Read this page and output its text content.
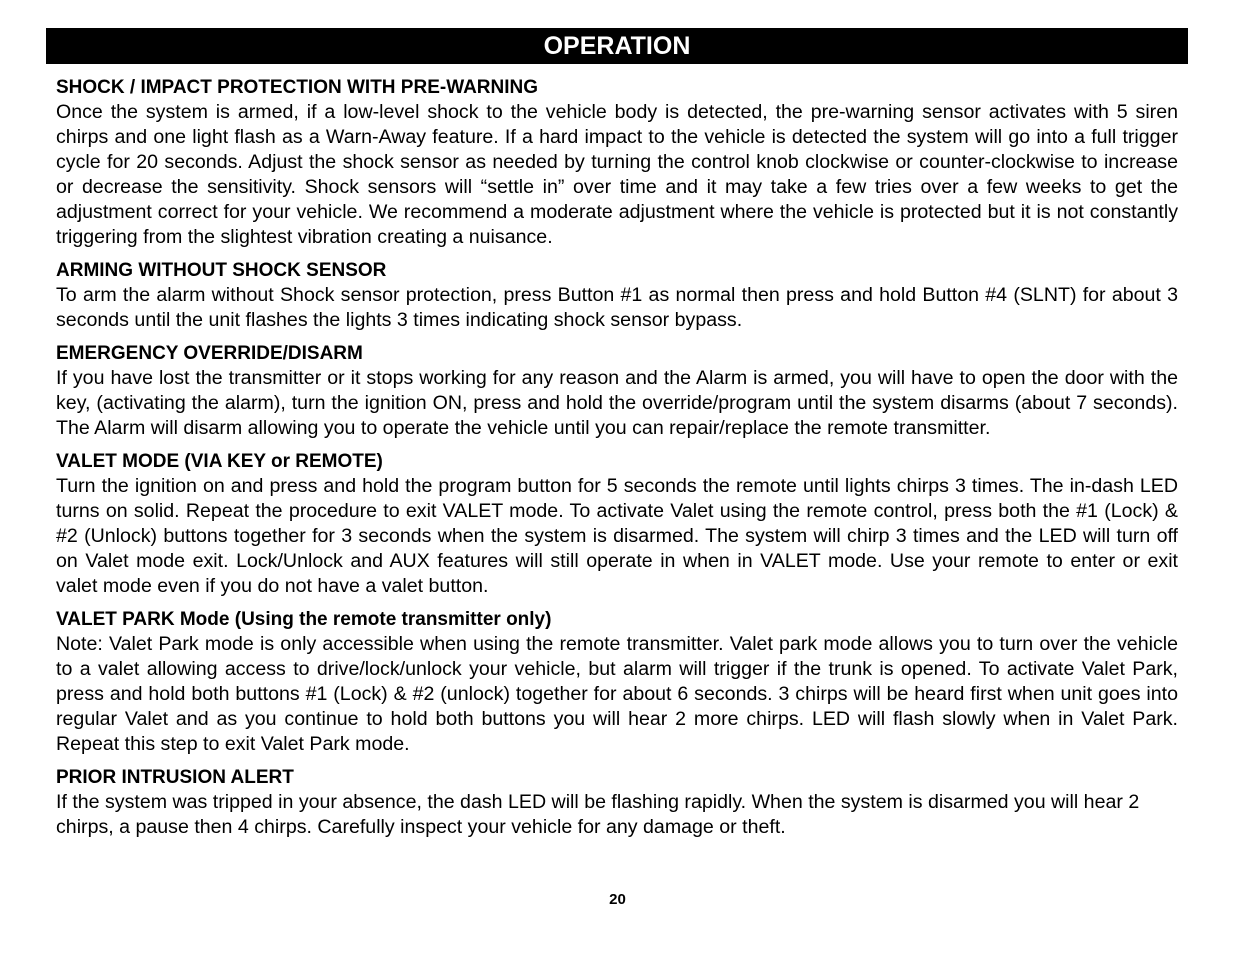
OPERATION

SHOCK / IMPACT PROTECTION WITH PRE-WARNING

Once the system is armed, if a low-level shock to the vehicle body is detected, the pre-warning sensor activates with 5 siren chirps and one light flash as a Warn-Away feature. If a hard impact to the vehicle is detected the system will go into a full trigger cycle for 20 seconds. Adjust the shock sensor as needed by turning the control knob clockwise or counter-clockwise to increase or decrease the sensitivity. Shock sensors will “settle in” over time and it may take a few tries over a few weeks to get the adjustment correct for your vehicle. We recommend a moderate adjustment where the vehicle is protected but it is not constantly triggering from the slightest vibration creating a nuisance.

ARMING WITHOUT SHOCK SENSOR

To arm the alarm without Shock sensor protection, press Button #1 as normal then press and hold Button #4 (SLNT) for about 3 seconds until the unit flashes the lights 3 times indicating shock sensor bypass.

EMERGENCY OVERRIDE/DISARM

If you have lost the transmitter or it stops working for any reason and the Alarm is armed, you will have to open the door with the key, (activating the alarm), turn the ignition ON, press and hold the override/program until the system disarms (about 7 seconds). The Alarm will disarm allowing you to operate the vehicle until you can repair/replace the remote transmitter.

VALET MODE (VIA KEY or REMOTE)

Turn the ignition on and press and hold the program button for 5 seconds the remote until lights chirps 3 times. The in-dash LED turns on solid. Repeat the procedure to exit VALET mode. To activate Valet using the remote control, press both the #1 (Lock) & #2 (Unlock) buttons together for 3 seconds when the system is disarmed. The system will chirp 3 times and the LED will turn off on Valet mode exit. Lock/Unlock and AUX features will still operate in when in VALET mode. Use your remote to enter or exit valet mode even if you do not have a valet button.

VALET PARK Mode (Using the remote transmitter only)

Note: Valet Park mode is only accessible when using the remote transmitter. Valet park mode allows you to turn over the vehicle to a valet allowing access to drive/lock/unlock your vehicle, but alarm will trigger if the trunk is opened. To activate Valet Park, press and hold both buttons #1 (Lock) & #2 (unlock) together for about 6 seconds. 3 chirps will be heard first when unit goes into regular Valet and as you continue to hold both buttons you will hear 2 more chirps. LED will flash slowly when in Valet Park. Repeat this step to exit Valet Park mode.

PRIOR INTRUSION ALERT

If the system was tripped in your absence, the dash LED will be flashing rapidly. When the system is disarmed you will hear 2 chirps, a pause then 4 chirps. Carefully inspect your vehicle for any damage or theft.

20
